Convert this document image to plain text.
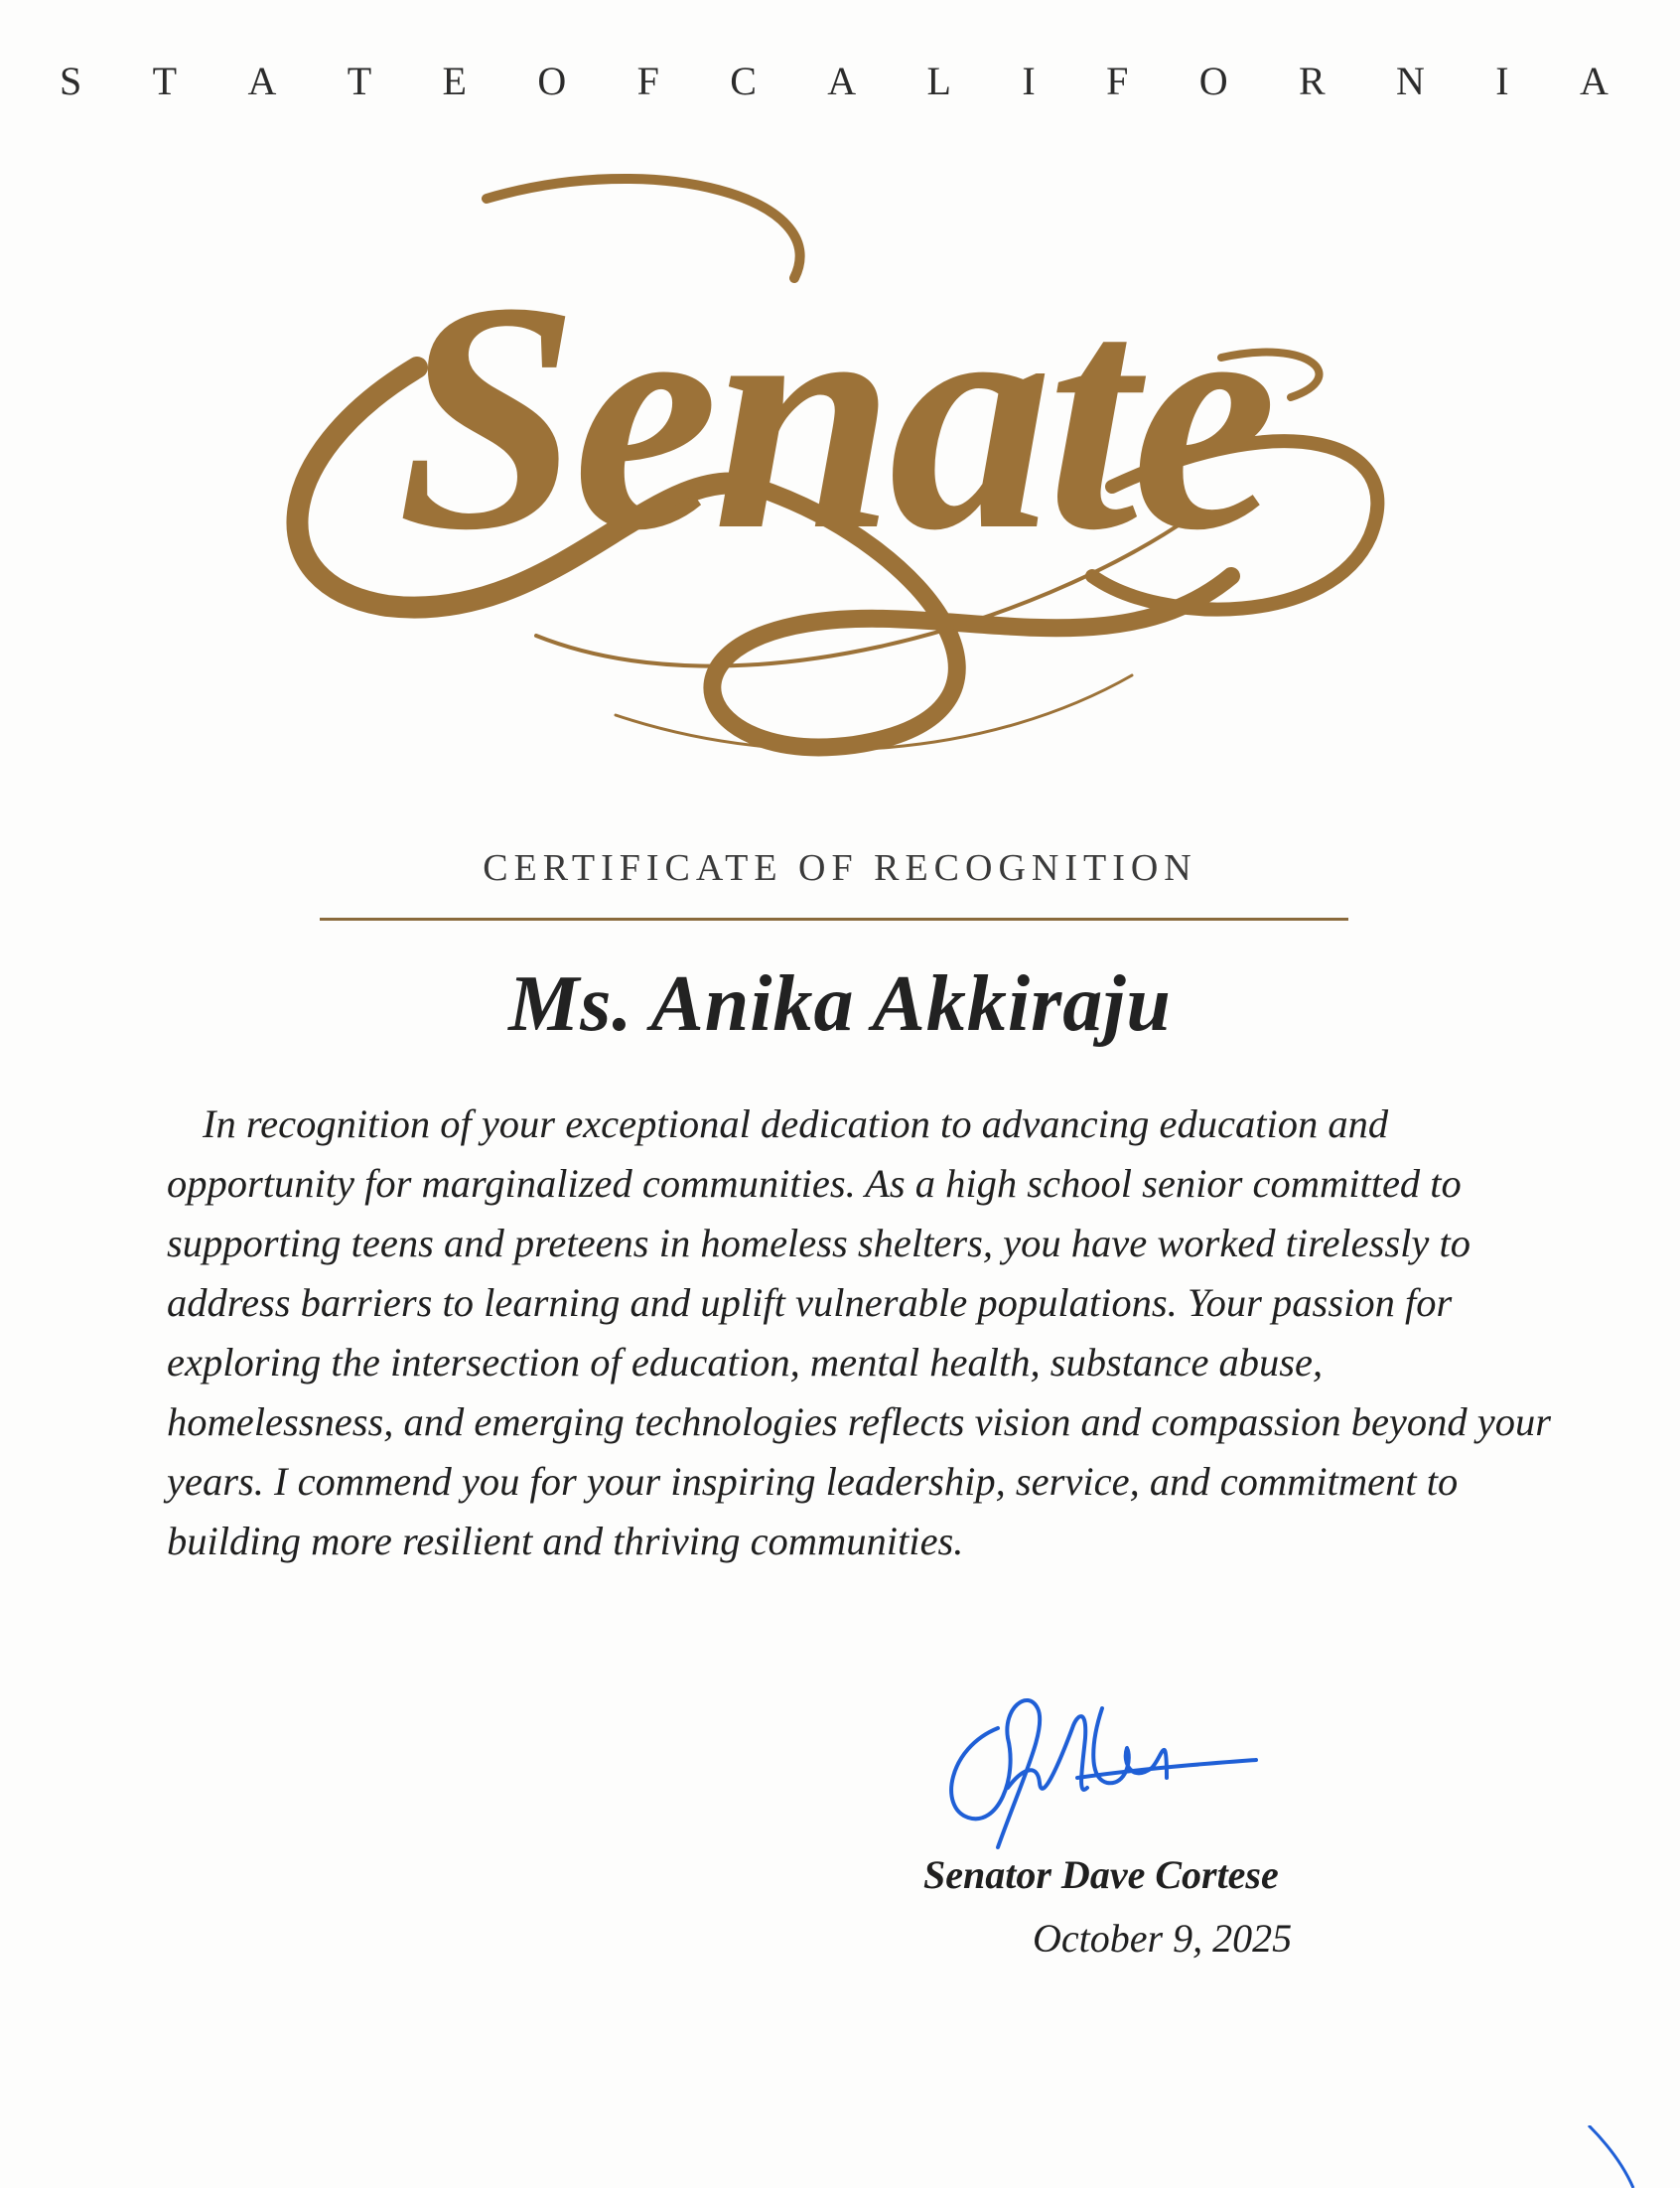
S T A T E O F C A L I F O R N I A
Senate
CERTIFICATE OF RECOGNITION
Ms. Anika Akkiraju
In recognition of your exceptional dedication to advancing education and opportunity for marginalized communities. As a high school senior committed to supporting teens and preteens in homeless shelters, you have worked tirelessly to address barriers to learning and uplift vulnerable populations. Your passion for exploring the intersection of education, mental health, substance abuse, homelessness, and emerging technologies reflects vision and compassion beyond your years. I commend you for your inspiring leadership, service, and commitment to building more resilient and thriving communities.
Senator Dave Cortese
October 9, 2025
